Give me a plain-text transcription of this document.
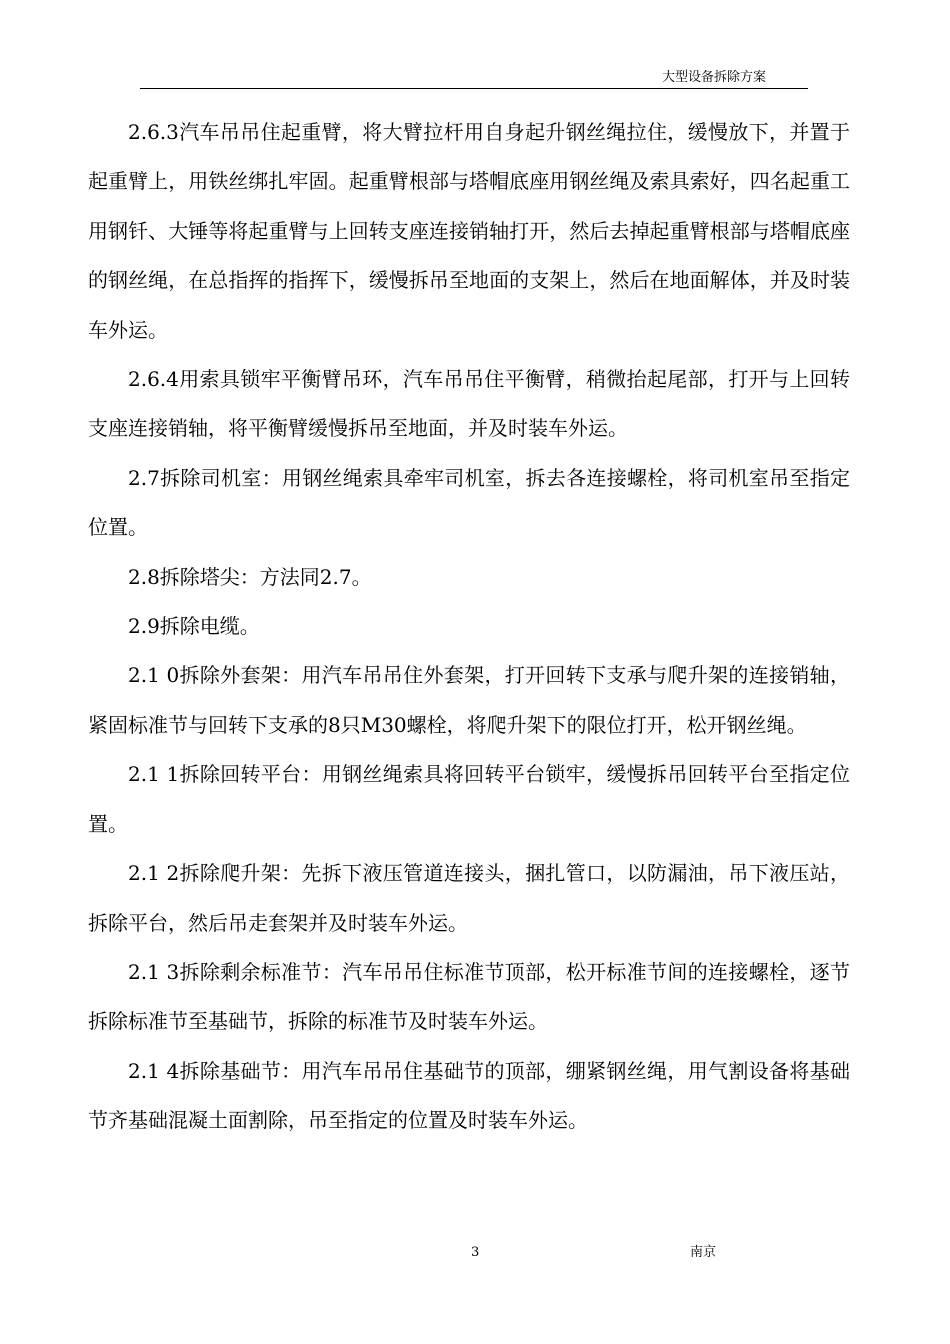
大型设备拆除方案

2.6.3汽车吊吊住起重臂，将大臂拉杆用自身起升钢丝绳拉住，缓慢放下，并置于起重臂上，用铁丝绑扎牢固。起重臂根部与塔帽底座用钢丝绳及索具索好，四名起重工用钢钎、大锤等将起重臂与上回转支座连接销轴打开，然后去掉起重臂根部与塔帽底座的钢丝绳，在总指挥的指挥下，缓慢拆吊至地面的支架上，然后在地面解体，并及时装车外运。

2.6.4用索具锁牢平衡臂吊环，汽车吊吊住平衡臂，稍微抬起尾部，打开与上回转支座连接销轴，将平衡臂缓慢拆吊至地面，并及时装车外运。

2.7拆除司机室：用钢丝绳索具牵牢司机室，拆去各连接螺栓，将司机室吊至指定位置。

2.8拆除塔尖：方法同2.7。

2.9拆除电缆。

2.1 0拆除外套架：用汽车吊吊住外套架，打开回转下支承与爬升架的连接销轴，紧固标准节与回转下支承的8只M30螺栓，将爬升架下的限位打开，松开钢丝绳。

2.1 1拆除回转平台：用钢丝绳索具将回转平台锁牢，缓慢拆吊回转平台至指定位置。

2.1 2拆除爬升架：先拆下液压管道连接头，捆扎管口，以防漏油，吊下液压站，拆除平台，然后吊走套架并及时装车外运。

2.1 3拆除剩余标准节：汽车吊吊住标准节顶部，松开标准节间的连接螺栓，逐节拆除标准节至基础节，拆除的标准节及时装车外运。

2.1 4拆除基础节：用汽车吊吊住基础节的顶部，绷紧钢丝绳，用气割设备将基础节齐基础混凝土面割除，吊至指定的位置及时装车外运。

3	南京
